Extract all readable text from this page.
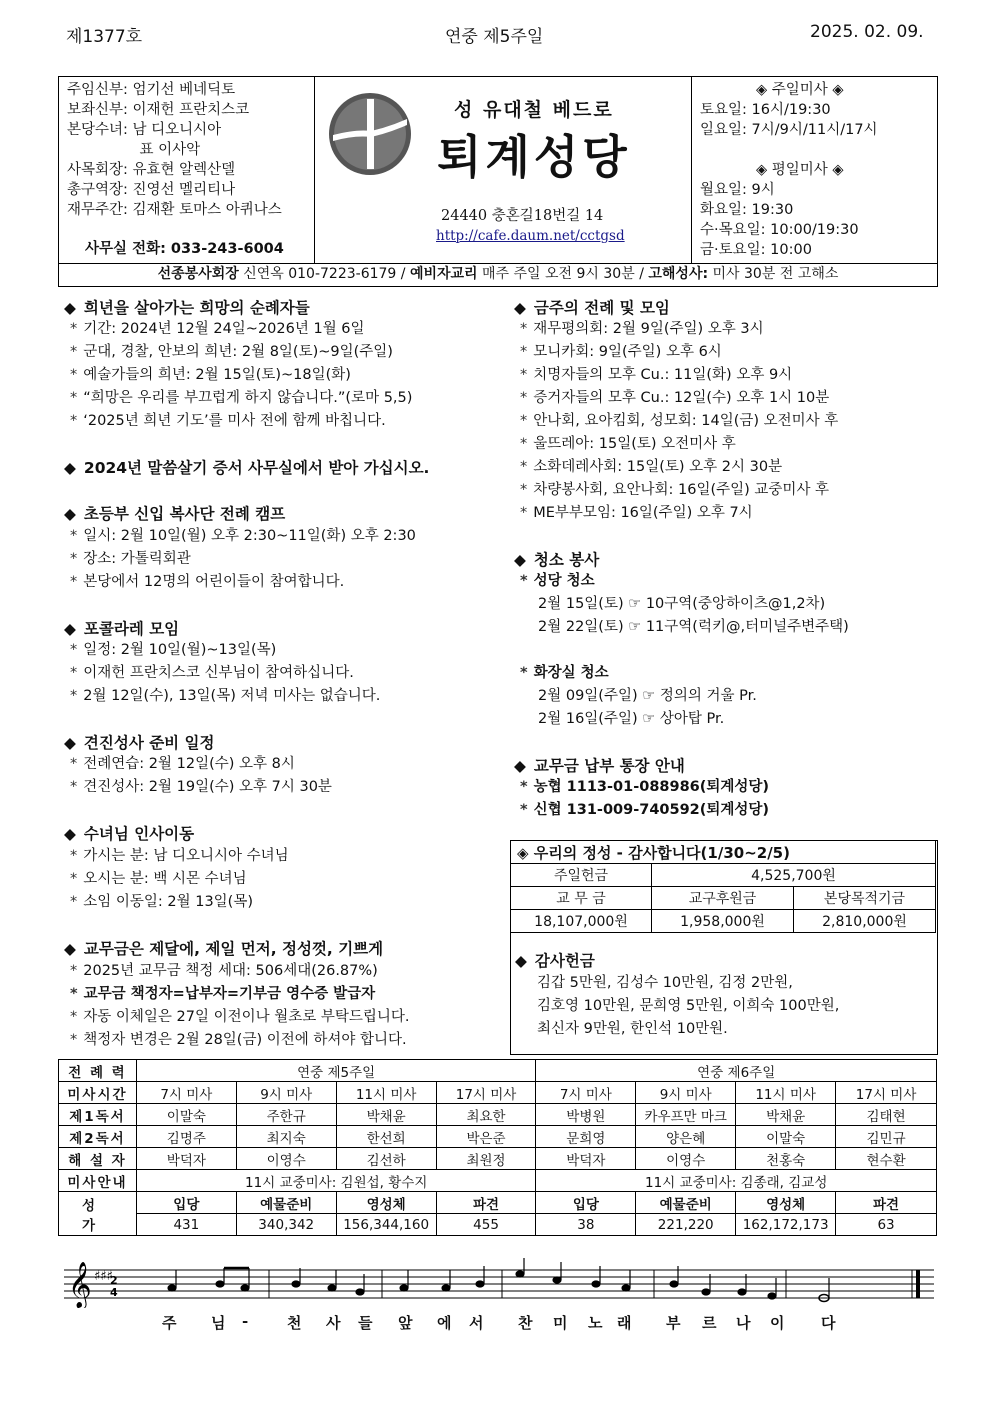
제1377호	연중 제5주일	2025. 02. 09.
주임신부: 엄기선 베네딕토
보좌신부: 이재헌 프란치스코
본당수녀: 남 디오니시아
　　　　　표 이사악
사목회장: 유효현 알렉산델
총구역장: 진영선 멜리티나
재무주간: 김재환 토마스 아퀴나스
사무실 전화: 033-243-6004
성 유대철 베드로
퇴계성당
24440 충혼길18번길 14
http://cafe.daum.net/cctgsd
◈ 주일미사 ◈
토요일: 16시/19:30
일요일: 7시/9시/11시/17시
◈ 평일미사 ◈
월요일: 9시
화요일: 19:30
수·목요일: 10:00/19:30
금·토요일: 10:00
선종봉사회장 신연옥 010-7223-6179 / 예비자교리 매주 주일 오전 9시 30분 / 고해성사: 미사 30분 전 고해소
◆ 희년을 살아가는 희망의 순례자들
* 기간: 2024년 12월 24일~2026년 1월 6일
* 군대, 경찰, 안보의 희년: 2월 8일(토)~9일(주일)
* 예술가들의 희년: 2월 15일(토)~18일(화)
* “희망은 우리를 부끄럽게 하지 않습니다.”(로마 5,5)
* ‘2025년 희년 기도’를 미사 전에 함께 바칩니다.
◆ 2024년 말씀살기 증서 사무실에서 받아 가십시오.
◆ 초등부 신입 복사단 전례 캠프
* 일시: 2월 10일(월) 오후 2:30~11일(화) 오후 2:30
* 장소: 가톨릭회관
* 본당에서 12명의 어린이들이 참여합니다.
◆ 포콜라레 모임
* 일정: 2월 10일(월)~13일(목)
* 이재헌 프란치스코 신부님이 참여하십니다.
* 2월 12일(수), 13일(목) 저녁 미사는 없습니다.
◆ 견진성사 준비 일정
* 전례연습: 2월 12일(수) 오후 8시
* 견진성사: 2월 19일(수) 오후 7시 30분
◆ 수녀님 인사이동
* 가시는 분: 남 디오니시아 수녀님
* 오시는 분: 백 시몬 수녀님
* 소임 이동일: 2월 13일(목)
◆ 교무금은 제달에, 제일 먼저, 정성껏, 기쁘게
* 2025년 교무금 책정 세대: 506세대(26.87%)
* 교무금 책정자=납부자=기부금 영수증 발급자
* 자동 이체일은 27일 이전이나 월초로 부탁드립니다.
* 책정자 변경은 2월 28일(금) 이전에 하셔야 합니다.
◆ 금주의 전례 및 모임
* 재무평의회: 2월 9일(주일) 오후 3시
* 모니카회: 9일(주일) 오후 6시
* 치명자들의 모후 Cu.: 11일(화) 오후 9시
* 증거자들의 모후 Cu.: 12일(수) 오후 1시 10분
* 안나회, 요아킴회, 성모회: 14일(금) 오전미사 후
* 울뜨레아: 15일(토) 오전미사 후
* 소화데레사회: 15일(토) 오후 2시 30분
* 차량봉사회, 요안나회: 16일(주일) 교중미사 후
* ME부부모임: 16일(주일) 오후 7시
◆ 청소 봉사
* 성당 청소
2월 15일(토) ☞ 10구역(중앙하이츠@1,2차)
2월 22일(토) ☞ 11구역(럭키@,터미널주변주택)
* 화장실 청소
2월 09일(주일) ☞ 정의의 거울 Pr.
2월 16일(주일) ☞ 상아탑 Pr.
◆ 교무금 납부 통장 안내
* 농협 1113-01-088986(퇴계성당)
* 신협 131-009-740592(퇴계성당)
◈ 우리의 정성 - 감사합니다(1/30~2/5)		
주일헌금	4,525,700원	
교 무 금	교구후원금	본당목적기금
18,107,000원	1,958,000원	2,810,000원
◆ 감사헌금
김갑 5만원, 김성수 10만원, 김정 2만원,
김호영 10만원, 문희영 5만원, 이희숙 100만원,
최신자 9만원, 한인석 10만원.
전 례 력	연중 제5주일				연중 제6주일			
미사시간	7시 미사	9시 미사	11시 미사	17시 미사	7시 미사	9시 미사	11시 미사	17시 미사
제1독서	이말숙	주한규	박채윤	최요한	박병원	카우프만 마크	박채윤	김태현
제2독서	김명주	최지숙	한선희	박은준	문희영	양은혜	이말숙	김민규
해 설 자	박덕자	이영수	김선하	최원정	박덕자	이영수	천홍숙	현수환
미사안내	11시 교중미사: 김원섭, 황수지				11시 교중미사: 김종래, 김교성			
성 가	입당	예물준비	영성체	파견	입당	예물준비	영성체	파견
	431	340,342	156,344,160	455	38	221,220	162,172,173	63
𝄞 ♯♯♯
2
4
주 님 -	천 사 들 앞 에 서 찬 미 노 래 부 르 나 이 다
